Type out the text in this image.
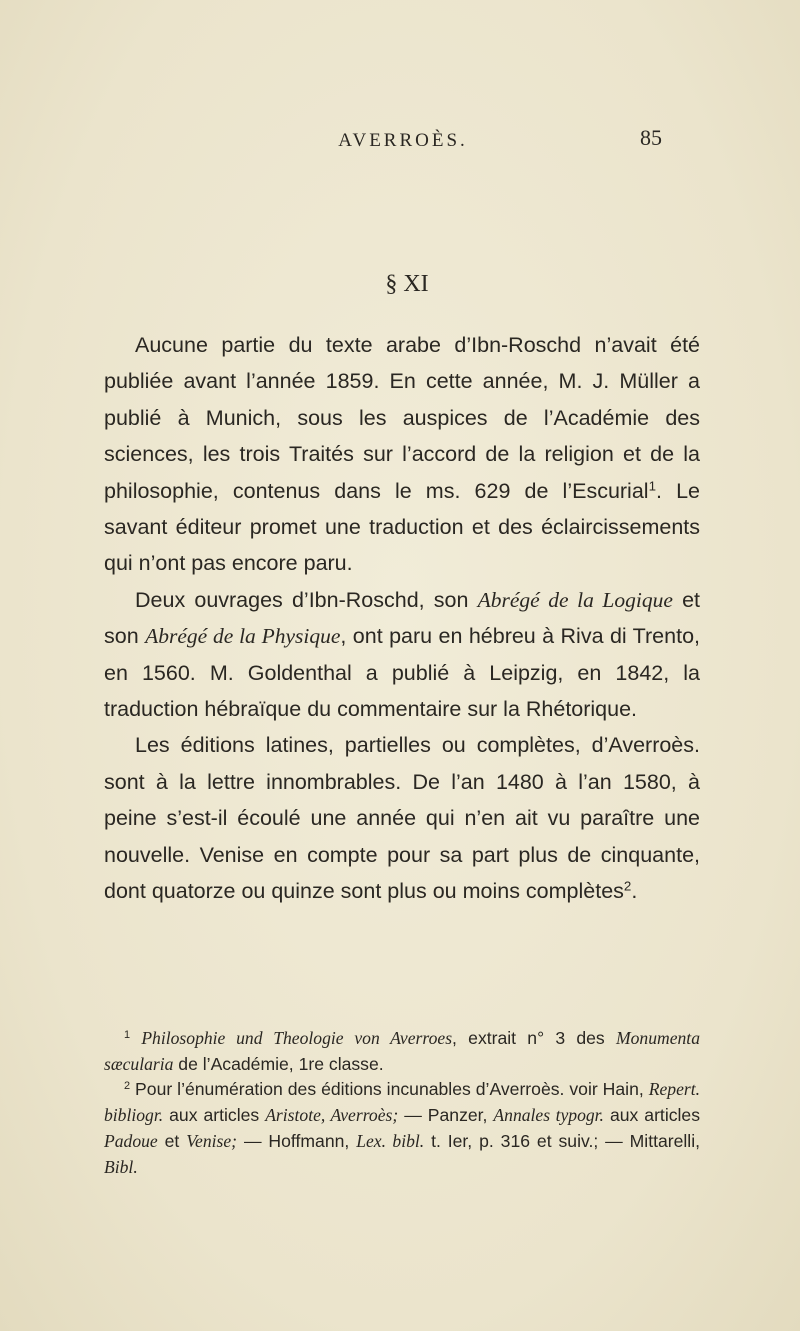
AVERROÈS.	85
§ XI

Aucune partie du texte arabe d’Ibn-Roschd n’avait été publiée avant l’année 1859. En cette année, M. J. Müller a publié à Munich, sous les auspices de l’Académie des sciences, les trois Traités sur l’accord de la religion et de la philosophie, contenus dans le ms. 629 de l’Escurial$^1$. Le savant éditeur promet une traduction et des éclaircissements qui n’ont pas encore paru.

Deux ouvrages d’Ibn-Roschd, son Abrégé de la Logique et son Abrégé de la Physique, ont paru en hébreu à Riva di Trento, en 1560. M. Goldenthal a publié à Leipzig, en 1842, la traduction hébraïque du commentaire sur la Rhétorique.

Les éditions latines, partielles ou complètes, d’Averroès. sont à la lettre innombrables. De l’an 1480 à l’an 1580, à peine s’est-il écoulé une année qui n’en ait vu paraître une nouvelle. Venise en compte pour sa part plus de cinquante, dont quatorze ou quinze sont plus ou moins complètes$^2$.

$^1$ Philosophie und Theologie von Averroes, extrait n° 3 des Monumenta sæcularia de l’Académie, 1re classe.
$^2$ Pour l’énumération des éditions incunables d’Averroès. voir Hain, Repert. bibliogr. aux articles Aristote, Averroès; — Panzer, Annales typogr. aux articles Padoue et Venise; — Hoffmann, Lex. bibl. t. Ier, p. 316 et suiv.; — Mittarelli, Bibl.
